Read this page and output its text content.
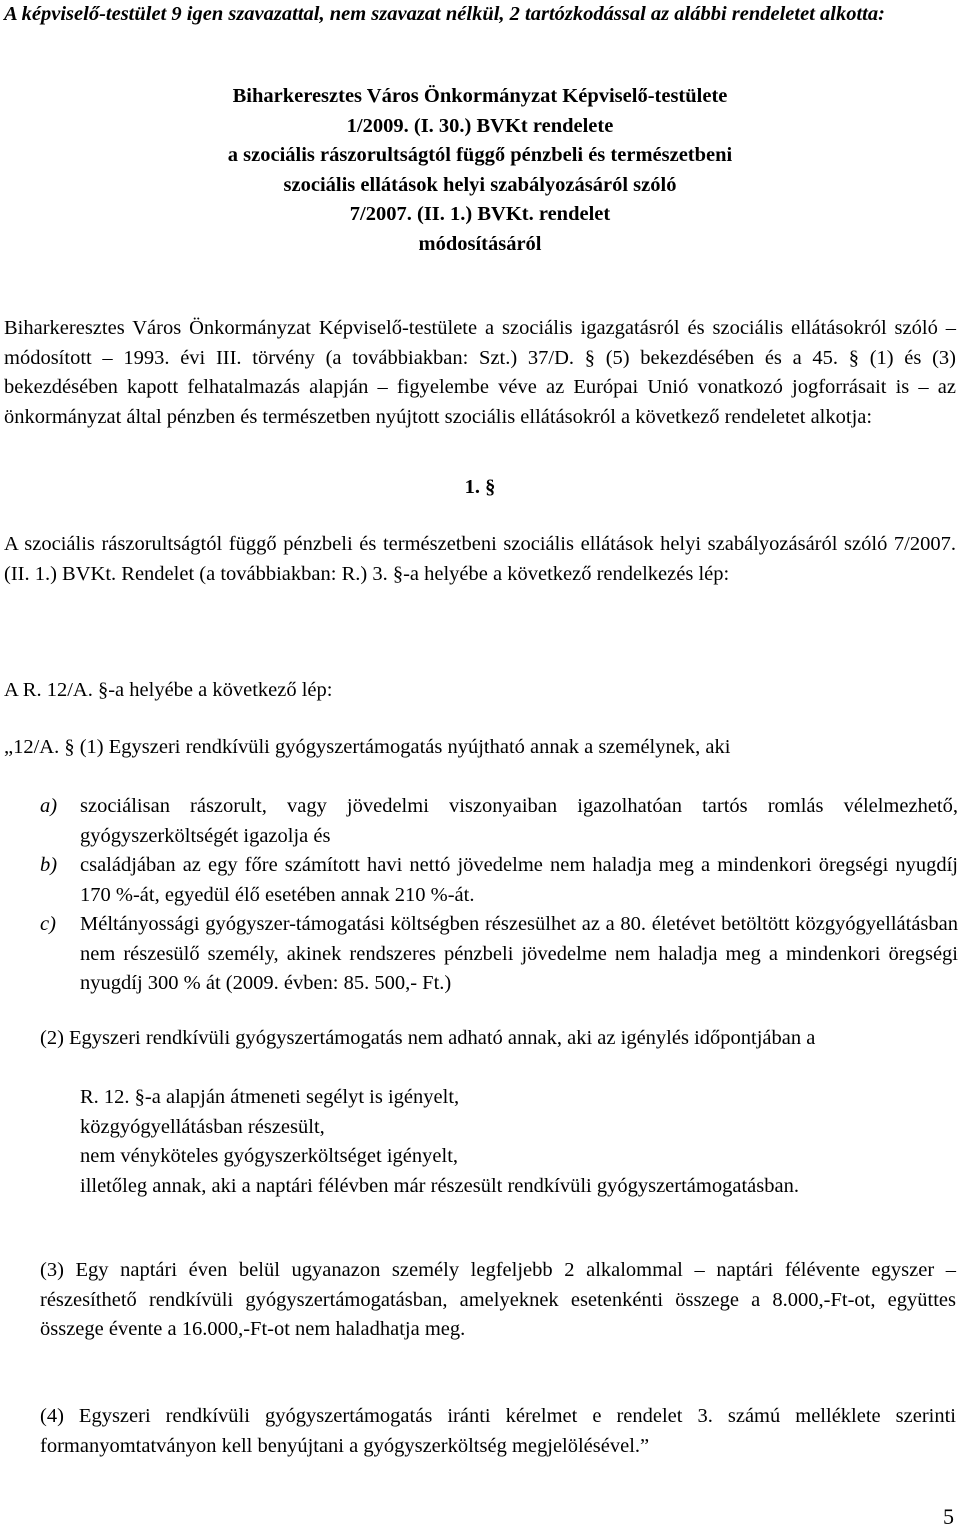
A képviselő-testület 9 igen szavazattal, nem szavazat nélkül, 2 tartózkodással az alábbi rendeletet alkotta:
Biharkeresztes Város Önkormányzat Képviselő-testülete
1/2009. (I. 30.) BVKt rendelete
a szociális rászorultságtól függő pénzbeli és természetbeni
szociális ellátások helyi szabályozásáról szóló
7/2007. (II. 1.) BVKt. rendelet
módosításáról
Biharkeresztes Város Önkormányzat Képviselő-testülete a szociális igazgatásról és szociális ellátásokról szóló – módosított – 1993. évi III. törvény (a továbbiakban: Szt.) 37/D. § (5) bekezdésében és a 45. § (1) és (3) bekezdésében kapott felhatalmazás alapján – figyelembe véve az Európai Unió vonatkozó jogforrásait is – az önkormányzat által pénzben és természetben nyújtott szociális ellátásokról a következő rendeletet alkotja:
1. §
A szociális rászorultságtól függő pénzbeli és természetbeni szociális ellátások helyi szabályozásáról szóló 7/2007. (II. 1.) BVKt. Rendelet (a továbbiakban: R.) 3. §-a helyébe a következő rendelkezés lép:
A R. 12/A. §-a helyébe a következő lép:
„12/A. § (1) Egyszeri rendkívüli gyógyszertámogatás nyújtható annak a személynek, aki
a) szociálisan rászorult, vagy jövedelmi viszonyaiban igazolhatóan tartós romlás vélelmezhető, gyógyszerköltségét igazolja és
b) családjában az egy főre számított havi nettó jövedelme nem haladja meg a mindenkori öregségi nyugdíj 170 %-át, egyedül élő esetében annak 210 %-át.
c) Méltányossági gyógyszer-támogatási költségben részesülhet az a 80. életévet betöltött közgyógyellátásban nem részesülő személy, akinek rendszeres pénzbeli jövedelme nem haladja meg a mindenkori öregségi nyugdíj 300 % át (2009. évben: 85. 500,- Ft.)
(2) Egyszeri rendkívüli gyógyszertámogatás nem adható annak, aki az igénylés időpontjában a
R. 12. §-a alapján átmeneti segélyt is igényelt,
közgyógyellátásban részesült,
nem vényköteles gyógyszerköltséget igényelt,
illetőleg annak, aki a naptári félévben már részesült rendkívüli gyógyszertámogatásban.
(3) Egy naptári éven belül ugyanazon személy legfeljebb 2 alkalommal – naptári félévente egyszer – részesíthető rendkívüli gyógyszertámogatásban, amelyeknek esetenkénti összege a 8.000,-Ft-ot, együttes összege évente a 16.000,-Ft-ot nem haladhatja meg.
(4) Egyszeri rendkívüli gyógyszertámogatás iránti kérelmet e rendelet 3. számú melléklete szerinti formanyomtatványon kell benyújtani a gyógyszerköltség megjelölésével.”
5
